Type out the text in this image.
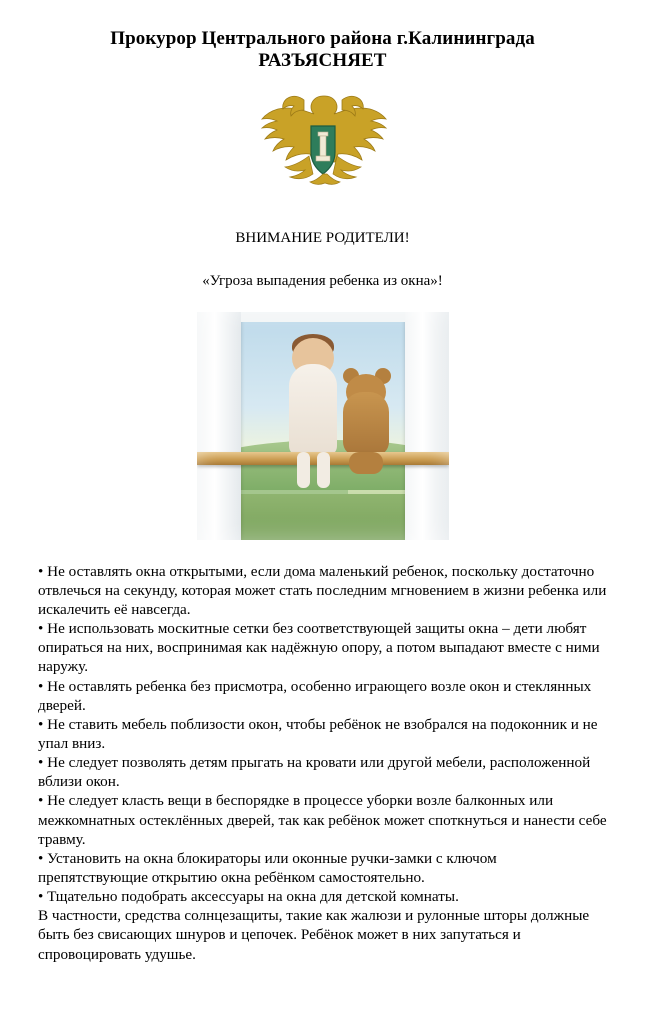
Прокурор Центрального района г.Калининграда
РАЗЪЯСНЯЕТ
ВНИМАНИЕ РОДИТЕЛИ!
«Угроза выпадения ребенка из окна»!

• Не оставлять окна открытыми, если дома маленький ребенок, поскольку достаточно отвлечься на секунду, которая может стать последним мгновением в жизни ребенка или искалечить её навсегда.

• Не использовать москитные сетки без соответствующей защиты окна – дети любят опираться на них, воспринимая как надёжную опору, а потом выпадают вместе с ними наружу.

• Не оставлять ребенка без присмотра, особенно играющего возле окон и стеклянных дверей.

• Не ставить мебель поблизости окон, чтобы ребёнок не взобрался на подоконник и не упал вниз.

• Не следует позволять детям прыгать на кровати или другой мебели, расположенной вблизи окон.

• Не следует класть вещи в беспорядке в процессе уборки возле балконных или межкомнатных остеклённых дверей, так как ребёнок может споткнуться и нанести себе травму.

• Установить на окна блокираторы или оконные ручки-замки с ключом препятствующие открытию окна ребёнком самостоятельно.

• Тщательно подобрать аксессуары на окна для детской комнаты.

В частности, средства солнцезащиты, такие как жалюзи и рулонные шторы должные быть без свисающих шнуров и цепочек. Ребёнок может в них запутаться и спровоцировать удушье.
